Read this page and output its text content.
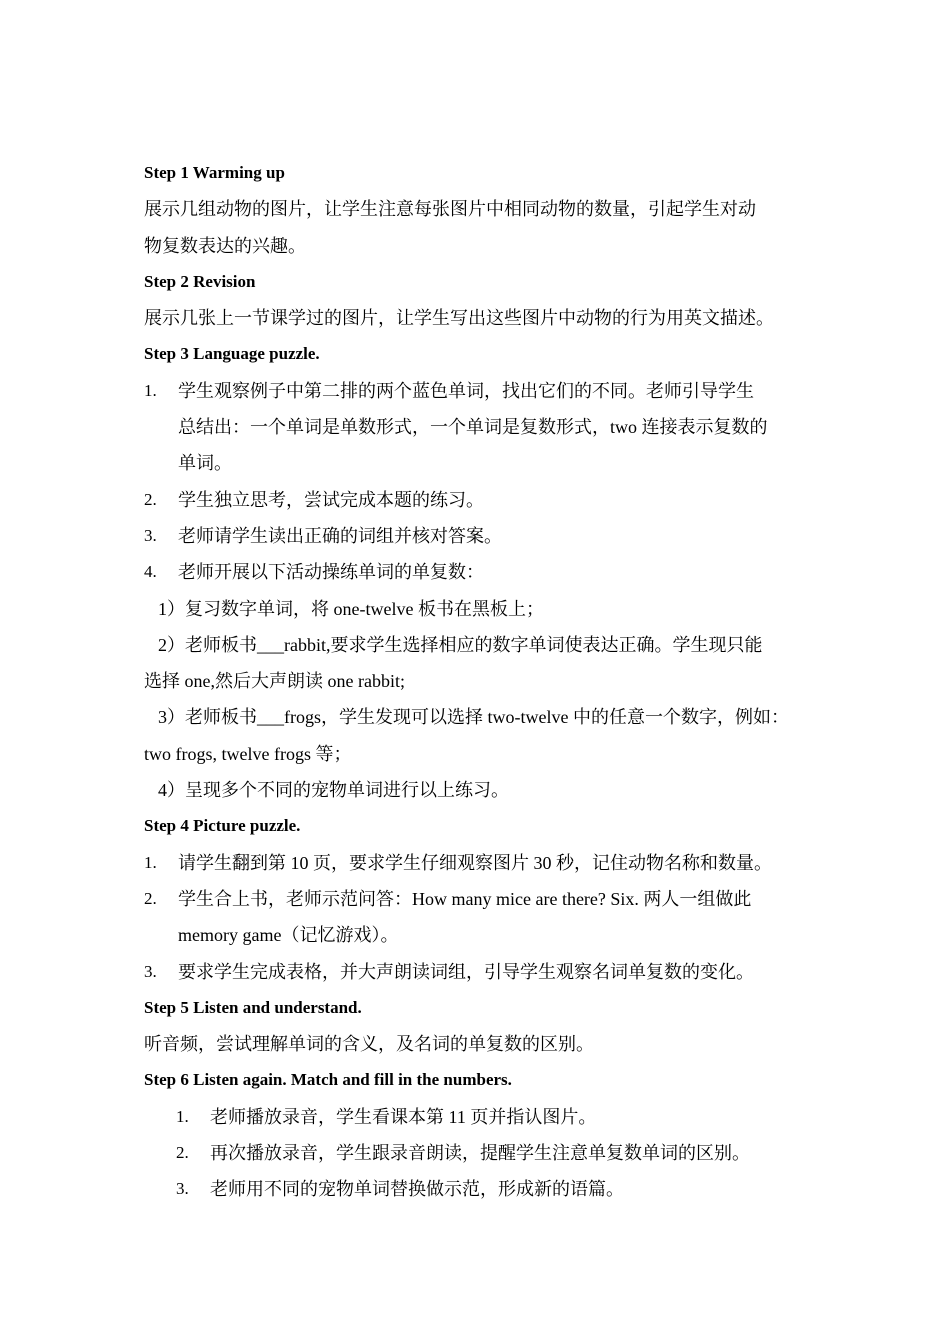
Step 1 Warming up
展示几组动物的图片，让学生注意每张图片中相同动物的数量，引起学生对动
物复数表达的兴趣。
Step 2 Revision
展示几张上一节课学过的图片，让学生写出这些图片中动物的行为用英文描述。
Step 3 Language puzzle.
1.	学生观察例子中第二排的两个蓝色单词，找出它们的不同。老师引导学生
总结出：一个单词是单数形式，一个单词是复数形式，two 连接表示复数的
单词。
2.	学生独立思考，尝试完成本题的练习。
3.	老师请学生读出正确的词组并核对答案。
4.	老师开展以下活动操练单词的单复数：
1）复习数字单词，将 one-twelve 板书在黑板上；
2）老师板书___rabbit,要求学生选择相应的数字单词使表达正确。学生现只能
选择 one,然后大声朗读 one rabbit;
3）老师板书___frogs，学生发现可以选择 two-twelve 中的任意一个数字，例如：
two frogs, twelve frogs 等；
4）呈现多个不同的宠物单词进行以上练习。
Step 4 Picture puzzle.
1.	请学生翻到第 10 页，要求学生仔细观察图片 30 秒，记住动物名称和数量。
2.	学生合上书，老师示范问答：How many mice are there? Six. 两人一组做此
memory game（记忆游戏）。
3.	要求学生完成表格，并大声朗读词组，引导学生观察名词单复数的变化。
Step 5 Listen and understand.
听音频，尝试理解单词的含义，及名词的单复数的区别。
Step 6 Listen again. Match and fill in the numbers.
1.	老师播放录音，学生看课本第 11 页并指认图片。
2.	再次播放录音，学生跟录音朗读，提醒学生注意单复数单词的区别。
3.	老师用不同的宠物单词替换做示范，形成新的语篇。
